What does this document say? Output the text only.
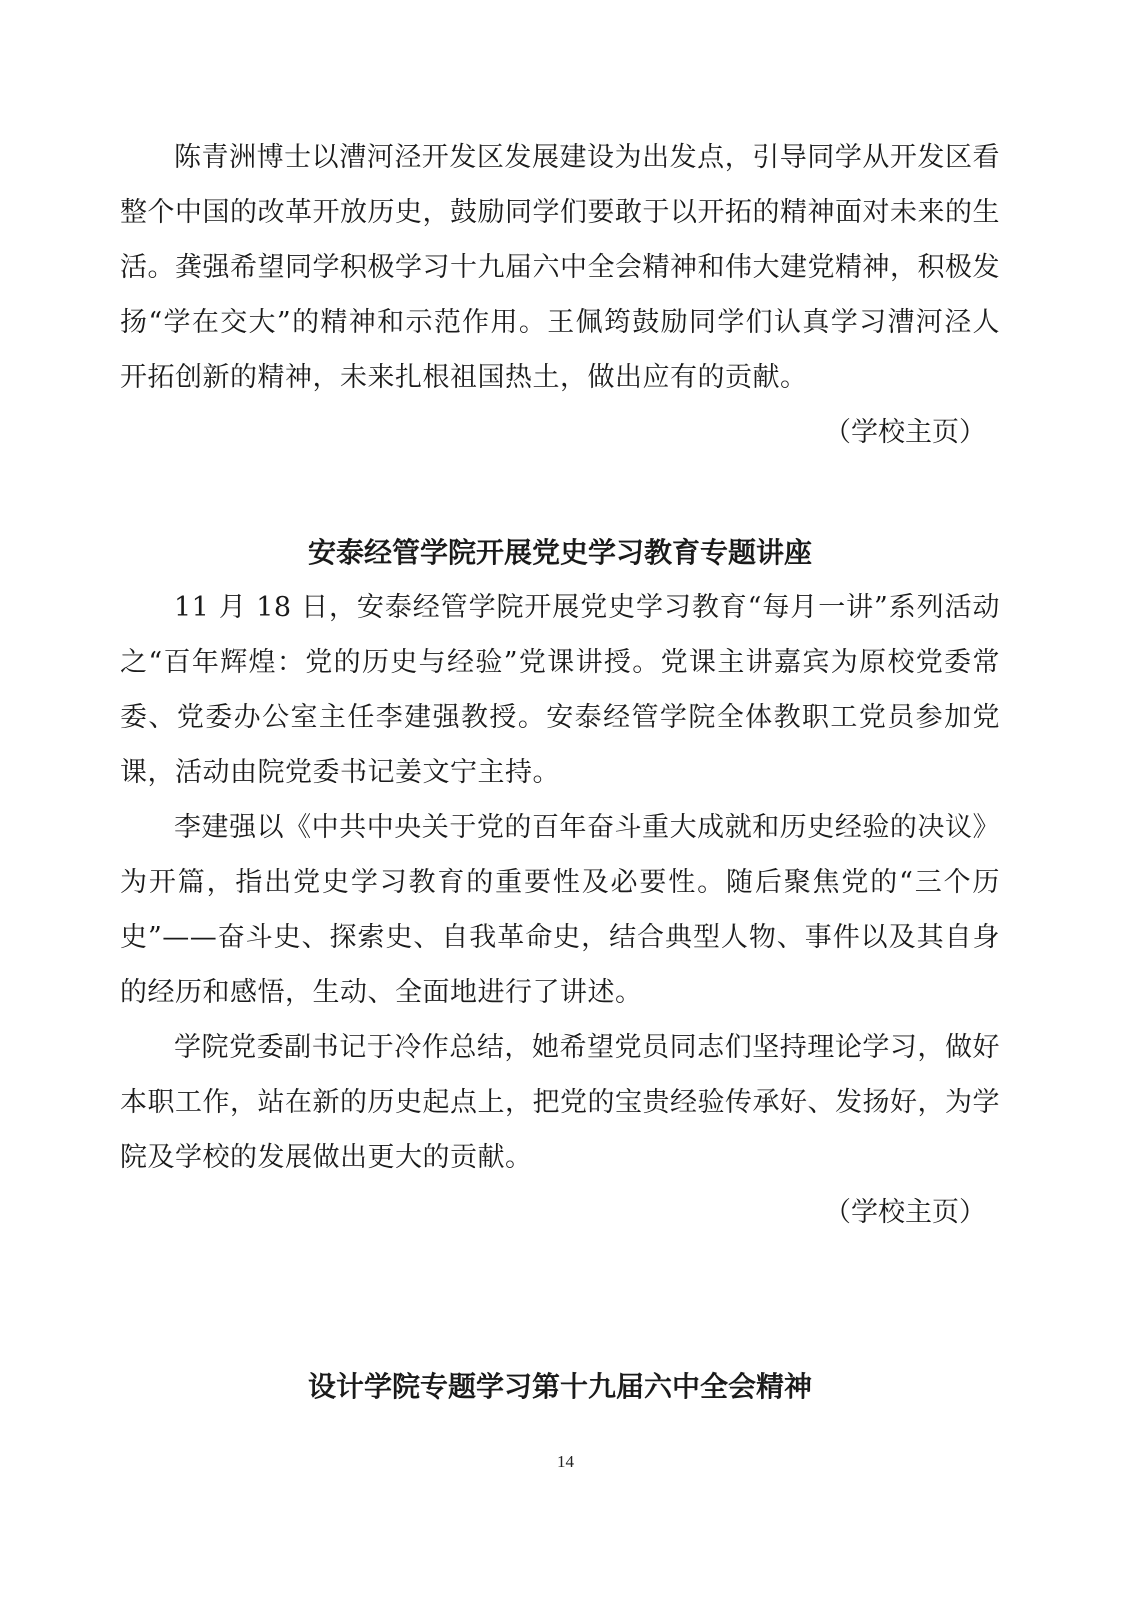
陈青洲博士以漕河泾开发区发展建设为出发点，引导同学从开发区看整个中国的改革开放历史，鼓励同学们要敢于以开拓的精神面对未来的生活。龚强希望同学积极学习十九届六中全会精神和伟大建党精神，积极发扬“学在交大”的精神和示范作用。王佩筠鼓励同学们认真学习漕河泾人开拓创新的精神，未来扎根祖国热土，做出应有的贡献。

（学校主页）

安泰经管学院开展党史学习教育专题讲座

11 月 18 日，安泰经管学院开展党史学习教育“每月一讲”系列活动之“百年辉煌：党的历史与经验”党课讲授。党课主讲嘉宾为原校党委常委、党委办公室主任李建强教授。安泰经管学院全体教职工党员参加党课，活动由院党委书记姜文宁主持。

李建强以《中共中央关于党的百年奋斗重大成就和历史经验的决议》为开篇，指出党史学习教育的重要性及必要性。随后聚焦党的“三个历史”——奋斗史、探索史、自我革命史，结合典型人物、事件以及其自身的经历和感悟，生动、全面地进行了讲述。

学院党委副书记于冷作总结，她希望党员同志们坚持理论学习，做好本职工作，站在新的历史起点上，把党的宝贵经验传承好、发扬好，为学院及学校的发展做出更大的贡献。

（学校主页）

设计学院专题学习第十九届六中全会精神
14
